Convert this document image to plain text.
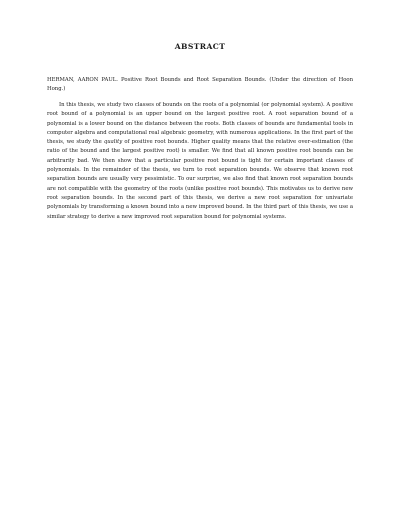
ABSTRACT
HERMAN, AARON PAUL. Positive Root Bounds and Root Separation Bounds. (Under the direction of Hoon Hong.)
In this thesis, we study two classes of bounds on the roots of a polynomial (or polynomial system). A positive root bound of a polynomial is an upper bound on the largest positive root. A root separation bound of a polynomial is a lower bound on the distance between the roots. Both classes of bounds are fundamental tools in computer algebra and computational real algebraic geometry, with numerous applications. In the first part of the thesis, we study the quality of positive root bounds. Higher quality means that the relative over-estimation (the ratio of the bound and the largest positive root) is smaller. We find that all known positive root bounds can be arbitrarily bad. We then show that a particular positive root bound is tight for certain important classes of polynomials. In the remainder of the thesis, we turn to root separation bounds. We observe that known root separation bounds are usually very pessimistic. To our surprise, we also find that known root separation bounds are not compatible with the geometry of the roots (unlike positive root bounds). This motivates us to derive new root separation bounds. In the second part of this thesis, we derive a new root separation for univariate polynomials by transforming a known bound into a new improved bound. In the third part of this thesis, we use a similar strategy to derive a new improved root separation bound for polynomial systems.
